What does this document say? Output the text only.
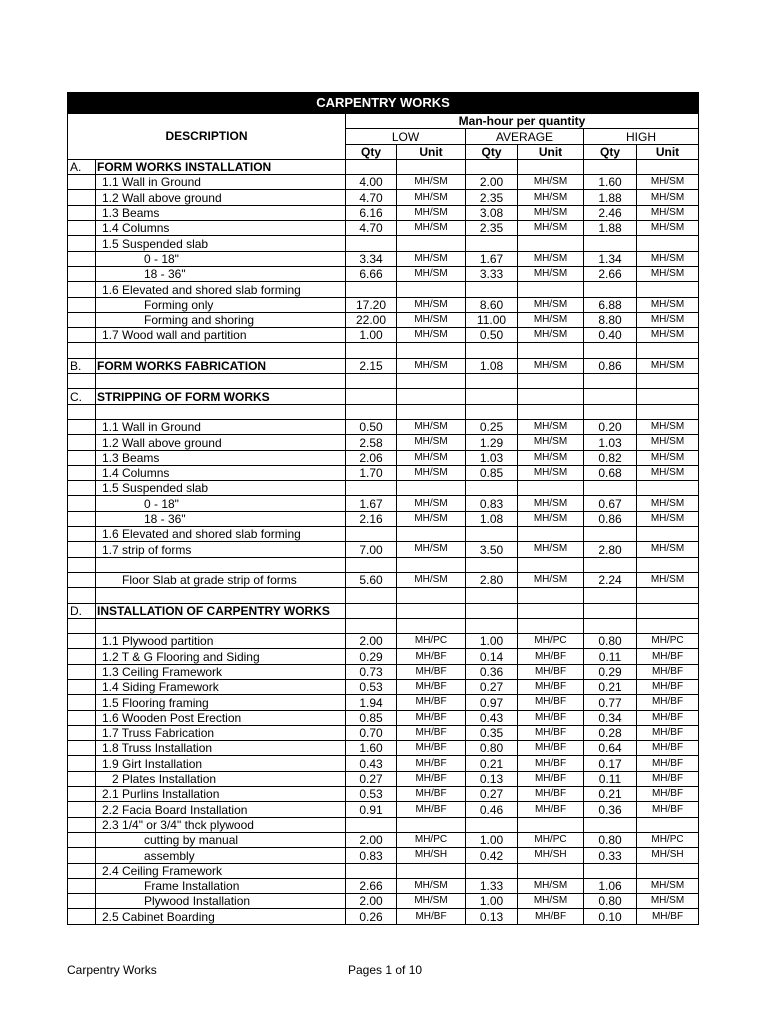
CARPENTRY WORKS							
DESCRIPTION		Man-hour per quantity					
		LOW		AVERAGE		HIGH	
		Qty	Unit	Qty	Unit	Qty	Unit
A.	FORM WORKS INSTALLATION						
	1.1 Wall in Ground	4.00	MH/SM	2.00	MH/SM	1.60	MH/SM
	1.2 Wall above ground	4.70	MH/SM	2.35	MH/SM	1.88	MH/SM
	1.3 Beams	6.16	MH/SM	3.08	MH/SM	2.46	MH/SM
	1.4 Columns	4.70	MH/SM	2.35	MH/SM	1.88	MH/SM
	1.5 Suspended slab						
	0 - 18"	3.34	MH/SM	1.67	MH/SM	1.34	MH/SM
	18 - 36"	6.66	MH/SM	3.33	MH/SM	2.66	MH/SM
	1.6 Elevated and shored slab forming						
	Forming only	17.20	MH/SM	8.60	MH/SM	6.88	MH/SM
	Forming and shoring	22.00	MH/SM	11.00	MH/SM	8.80	MH/SM
	1.7 Wood wall and partition	1.00	MH/SM	0.50	MH/SM	0.40	MH/SM

B.	FORM WORKS FABRICATION	2.15	MH/SM	1.08	MH/SM	0.86	MH/SM

C.	STRIPPING OF FORM WORKS						

	1.1 Wall in Ground	0.50	MH/SM	0.25	MH/SM	0.20	MH/SM
	1.2 Wall above ground	2.58	MH/SM	1.29	MH/SM	1.03	MH/SM
	1.3 Beams	2.06	MH/SM	1.03	MH/SM	0.82	MH/SM
	1.4 Columns	1.70	MH/SM	0.85	MH/SM	0.68	MH/SM
	1.5 Suspended slab						
	0 - 18"	1.67	MH/SM	0.83	MH/SM	0.67	MH/SM
	18 - 36"	2.16	MH/SM	1.08	MH/SM	0.86	MH/SM
	1.6 Elevated and shored slab forming						
	1.7 strip of forms	7.00	MH/SM	3.50	MH/SM	2.80	MH/SM

	Floor Slab at grade strip of forms	5.60	MH/SM	2.80	MH/SM	2.24	MH/SM

D.	INSTALLATION OF CARPENTRY WORKS						

	1.1 Plywood partition	2.00	MH/PC	1.00	MH/PC	0.80	MH/PC
	1.2 T & G Flooring and Siding	0.29	MH/BF	0.14	MH/BF	0.11	MH/BF
	1.3 Ceiling Framework	0.73	MH/BF	0.36	MH/BF	0.29	MH/BF
	1.4 Siding Framework	0.53	MH/BF	0.27	MH/BF	0.21	MH/BF
	1.5 Flooring framing	1.94	MH/BF	0.97	MH/BF	0.77	MH/BF
	1.6 Wooden Post Erection	0.85	MH/BF	0.43	MH/BF	0.34	MH/BF
	1.7 Truss Fabrication	0.70	MH/BF	0.35	MH/BF	0.28	MH/BF
	1.8 Truss Installation	1.60	MH/BF	0.80	MH/BF	0.64	MH/BF
	1.9 Girt Installation	0.43	MH/BF	0.21	MH/BF	0.17	MH/BF
	2 Plates Installation	0.27	MH/BF	0.13	MH/BF	0.11	MH/BF
	2.1 Purlins Installation	0.53	MH/BF	0.27	MH/BF	0.21	MH/BF
	2.2 Facia Board Installation	0.91	MH/BF	0.46	MH/BF	0.36	MH/BF
	2.3 1/4" or 3/4" thck plywood						
	cutting by manual	2.00	MH/PC	1.00	MH/PC	0.80	MH/PC
	assembly	0.83	MH/SH	0.42	MH/SH	0.33	MH/SH
	2.4 Ceiling Framework						
	Frame Installation	2.66	MH/SM	1.33	MH/SM	1.06	MH/SM
	Plywood Installation	2.00	MH/SM	1.00	MH/SM	0.80	MH/SM
	2.5 Cabinet Boarding	0.26	MH/BF	0.13	MH/BF	0.10	MH/BF
Carpentry Works	Pages 1 of 10
